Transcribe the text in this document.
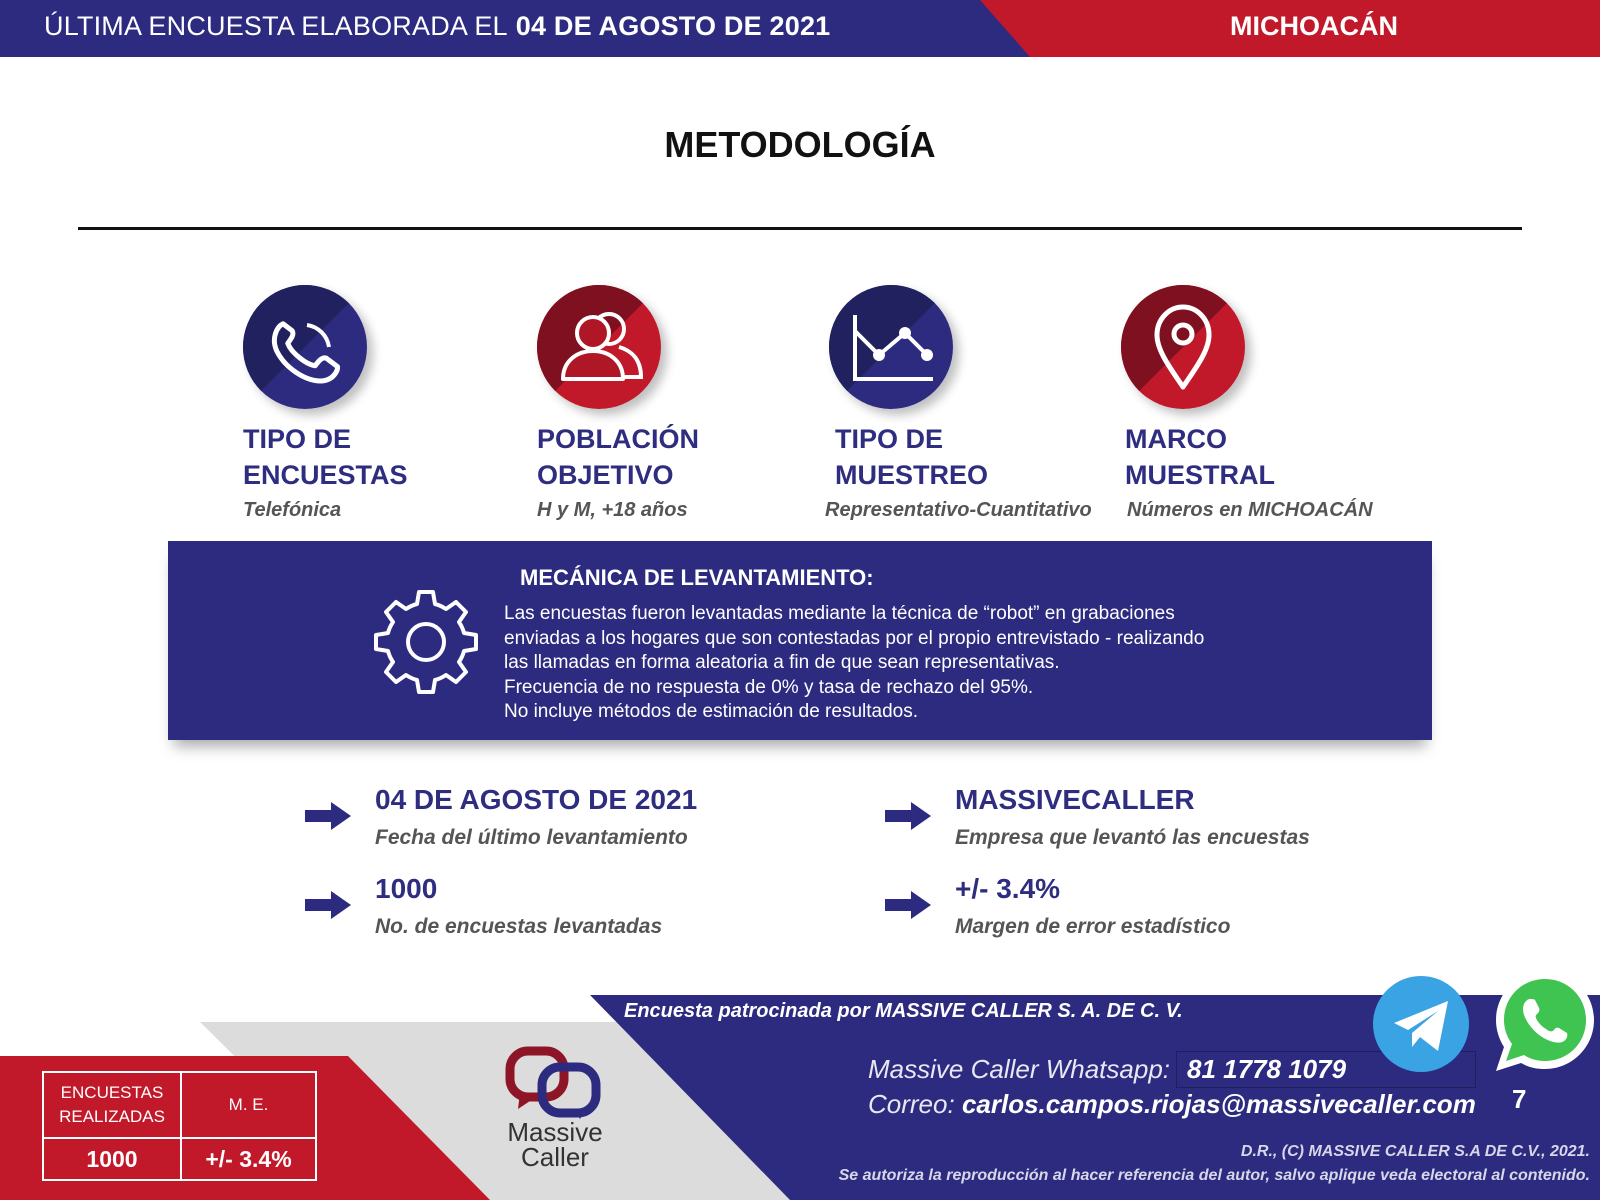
ÚLTIMA ENCUESTA ELABORADA EL 04 DE AGOSTO DE 2021	MICHOACÁN
METODOLOGÍA
TIPO DE
ENCUESTAS
Telefónica
POBLACIÓN
OBJETIVO
H y M, +18 años
TIPO DE
MUESTREO
Representativo-Cuantitativo
MARCO
MUESTRAL
Números en MICHOACÁN
MECÁNICA DE LEVANTAMIENTO:
Las encuestas fueron levantadas mediante la técnica de “robot” en grabaciones
enviadas a los hogares que son contestadas por el propio entrevistado - realizando
las llamadas en forma aleatoria a fin de que sean representativas.
Frecuencia de no respuesta de 0% y tasa de rechazo del 95%.
No incluye métodos de estimación de resultados.
04 DE AGOSTO DE 2021
Fecha del último levantamiento
MASSIVECALLER
Empresa que levantó las encuestas
1000
No. de encuestas levantadas
+/- 3.4%
Margen de error estadístico
Encuesta patrocinada por MASSIVE CALLER S. A. DE C. V.
Massive Caller Whatsapp: 81 1778 1079
Correo: carlos.campos.riojas@massivecaller.com 7
D.R., (C) MASSIVE CALLER S.A DE C.V., 2021.
Se autoriza la reproducción al hacer referencia del autor, salvo aplique veda electoral al contenido.
Massive
Caller
ENCUESTAS
REALIZADAS
M. E.
1000	+/- 3.4%
